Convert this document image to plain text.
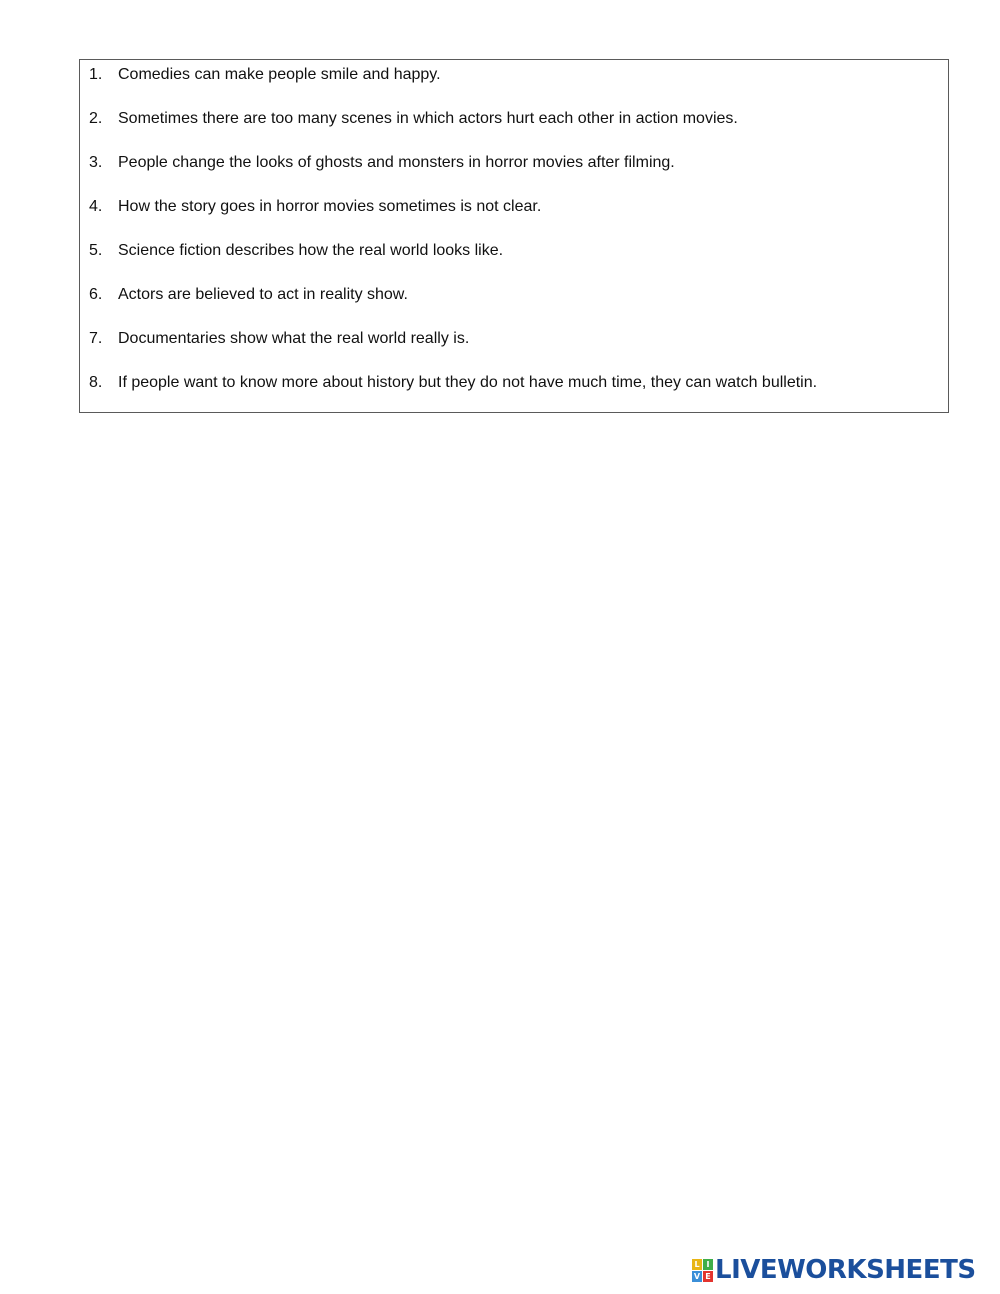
1. Comedies can make people smile and happy.
2. Sometimes there are too many scenes in which actors hurt each other in action movies.
3. People change the looks of ghosts and monsters in horror movies after filming.
4. How the story goes in horror movies sometimes is not clear.
5. Science fiction describes how the real world looks like.
6. Actors are believed to act in reality show.
7. Documentaries show what the real world really is.
8. If people want to know more about history but they do not have much time, they can watch bulletin.
L I
V E LIVEWORKSHEETS
